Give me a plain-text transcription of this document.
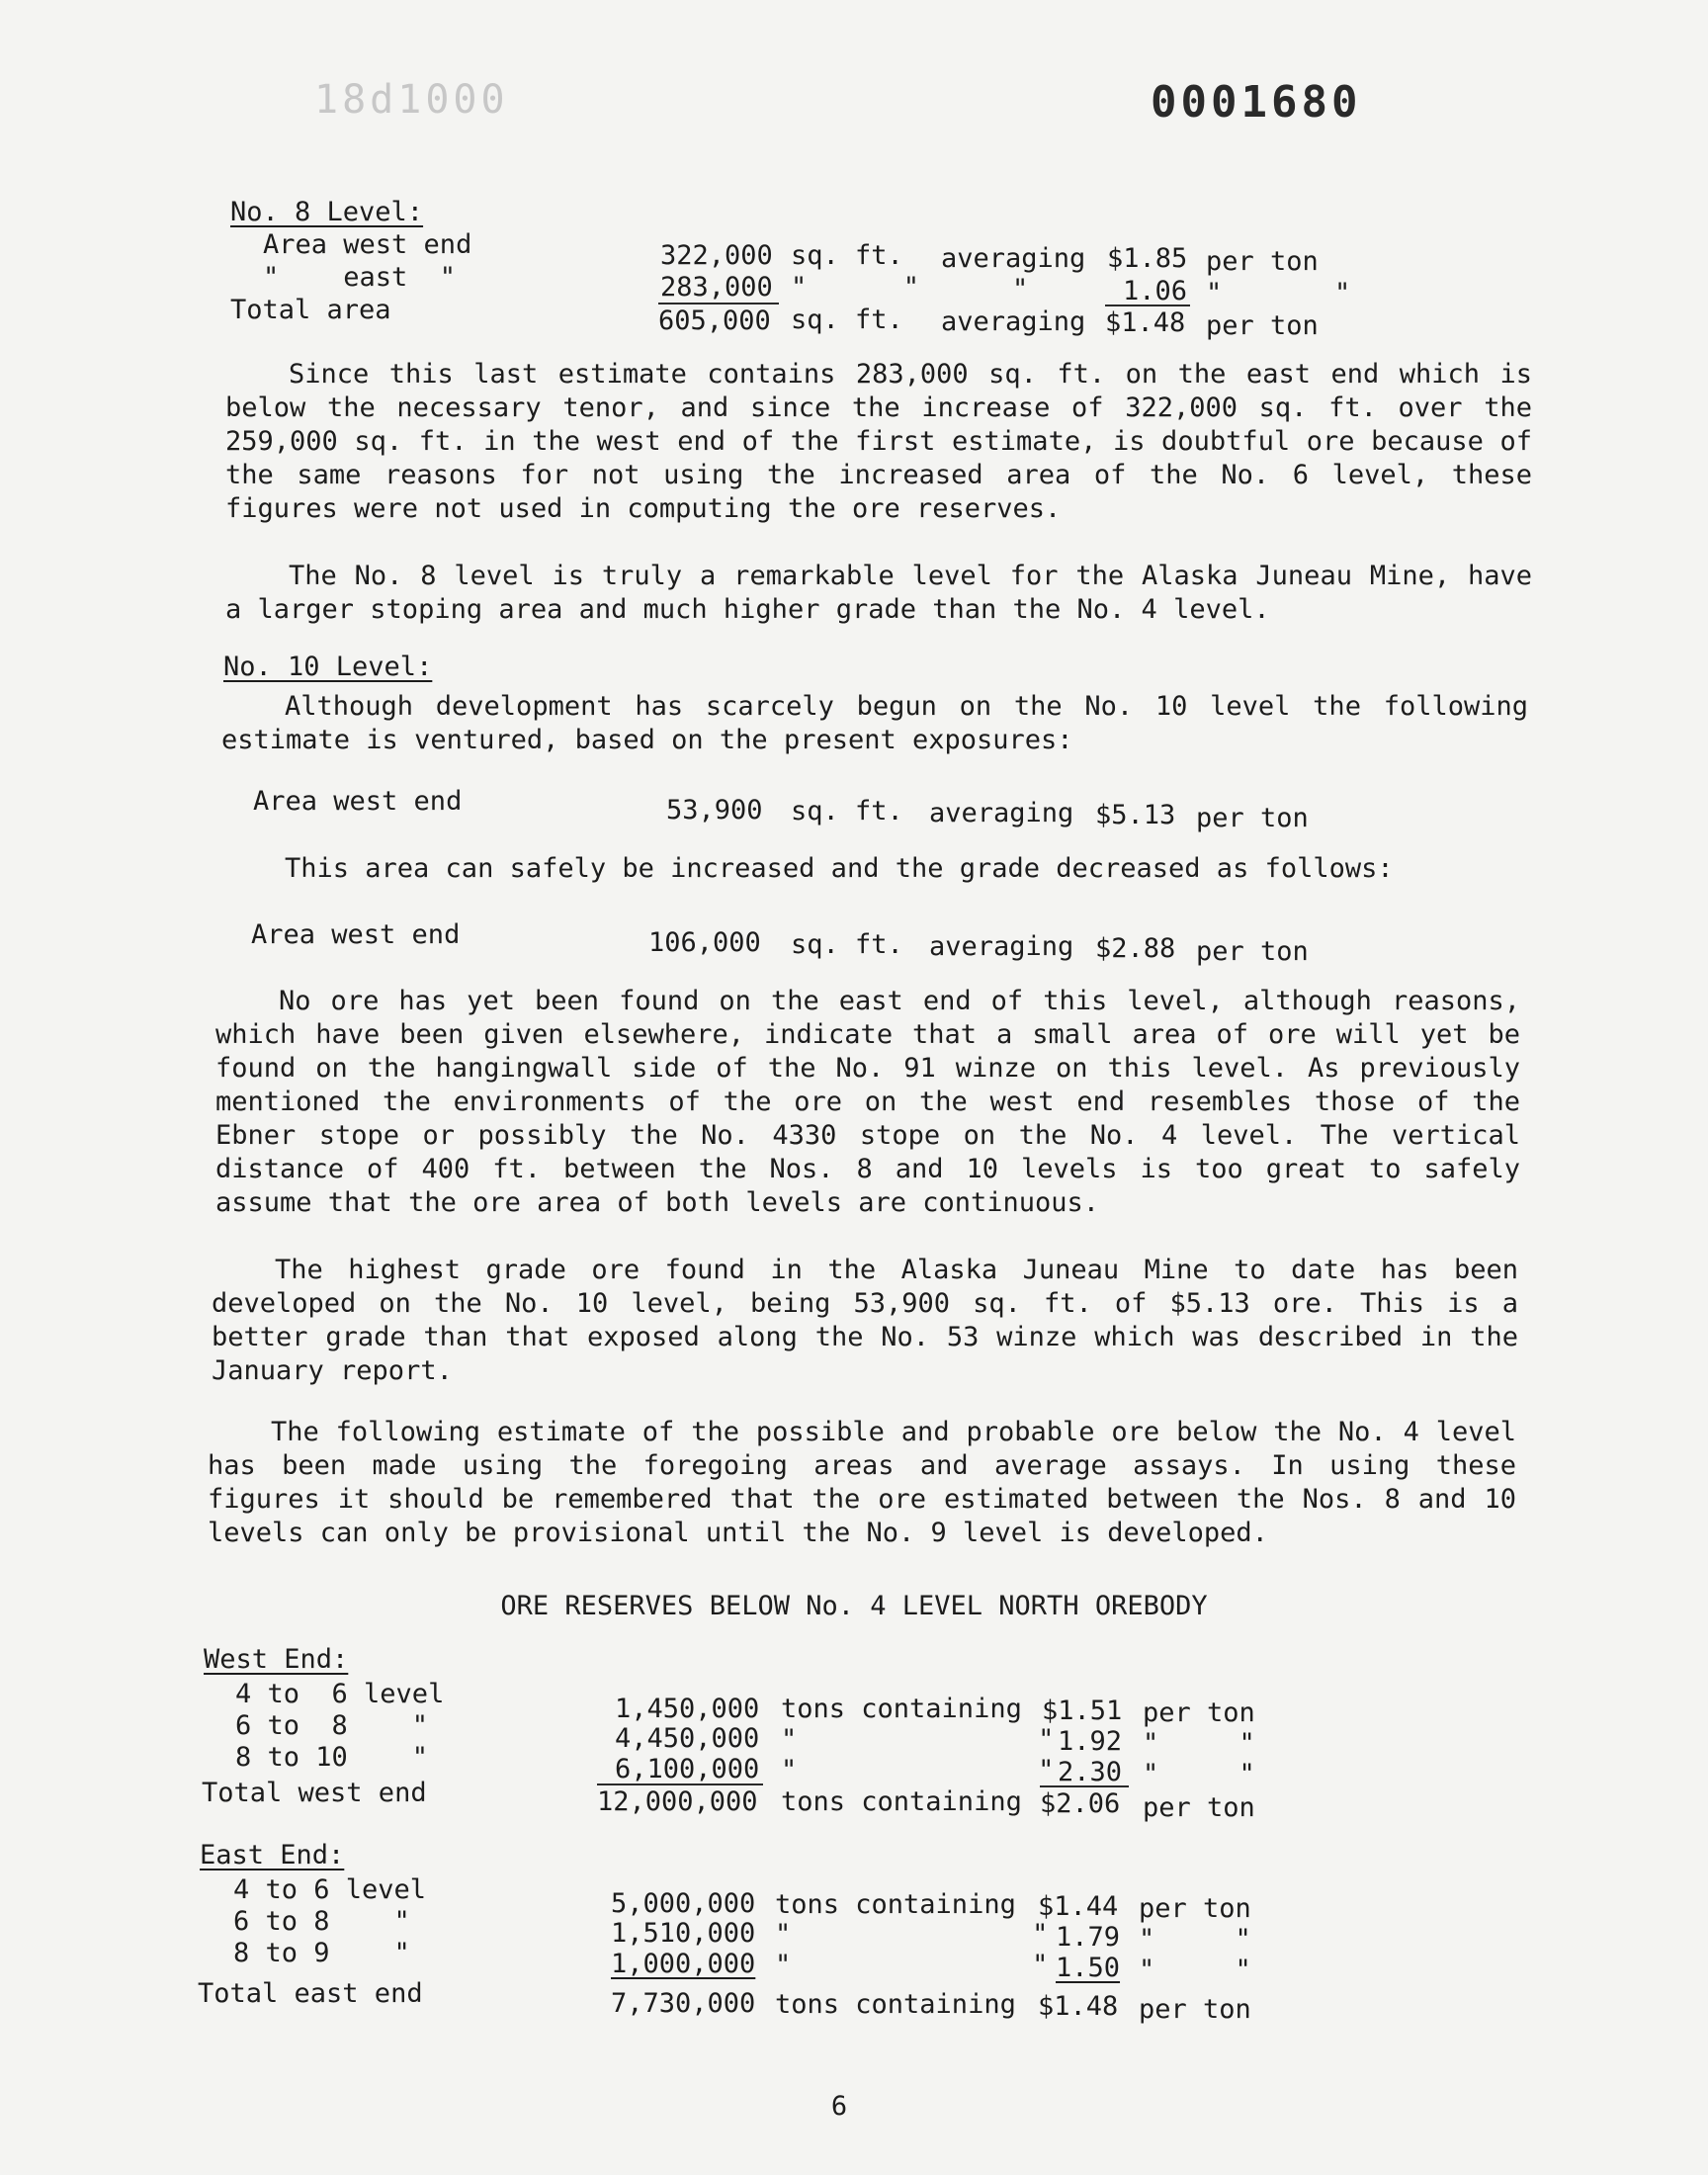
18d1000	0001680
No. 8 Level:
Area west end	322,000 sq. ft. averaging $1.85 per ton
"    east  "	283,000 "      "	"	1.06 "       "
Total area	605,000 sq. ft. averaging $1.48 per ton
Since this last estimate contains 283,000 sq. ft. on the east end which is below the necessary tenor, and since the increase of 322,000 sq. ft. over the 259,000 sq. ft. in the west end of the first estimate, is doubtful ore because of the same reasons for not using the increased area of the No. 6 level, these figures were not used in computing the ore reserves.
The No. 8 level is truly a remarkable level for the Alaska Juneau Mine, have a larger stoping area and much higher grade than the No. 4 level.
No. 10 Level:
Although development has scarcely begun on the No. 10 level the following estimate is ventured, based on the present exposures:
Area west end	53,900 sq. ft. averaging $5.13 per ton
This area can safely be increased and the grade decreased as follows:
Area west end	106,000 sq. ft. averaging $2.88 per ton
No ore has yet been found on the east end of this level, although reasons, which have been given elsewhere, indicate that a small area of ore will yet be found on the hangingwall side of the No. 91 winze on this level. As previously mentioned the environments of the ore on the west end resembles those of the Ebner stope or possibly the No. 4330 stope on the No. 4 level. The vertical distance of 400 ft. between the Nos. 8 and 10 levels is too great to safely assume that the ore area of both levels are continuous.
The highest grade ore found in the Alaska Juneau Mine to date has been developed on the No. 10 level, being 53,900 sq. ft. of $5.13 ore. This is a better grade than that exposed along the No. 53 winze which was described in the January report.
The following estimate of the possible and probable ore below the No. 4 level has been made using the foregoing areas and average assays. In using these figures it should be remembered that the ore estimated between the Nos. 8 and 10 levels can only be provisional until the No. 9 level is developed.
ORE RESERVES BELOW No. 4 LEVEL NORTH OREBODY
West End:
4 to  6 level	1,450,000 tons containing $1.51 per ton
6 to  8    "	4,450,000 "               " 1.92 "     "
8 to 10    "	6,100,000 "               " 2.30 "     "
Total west end	12,000,000 tons containing $2.06 per ton
East End:
4 to 6 level	5,000,000 tons containing $1.44 per ton
6 to 8    "	1,510,000 "               " 1.79 "     "
8 to 9    "	1,000,000 "               " 1.50 "     "
Total east end	7,730,000 tons containing $1.48 per ton
6
